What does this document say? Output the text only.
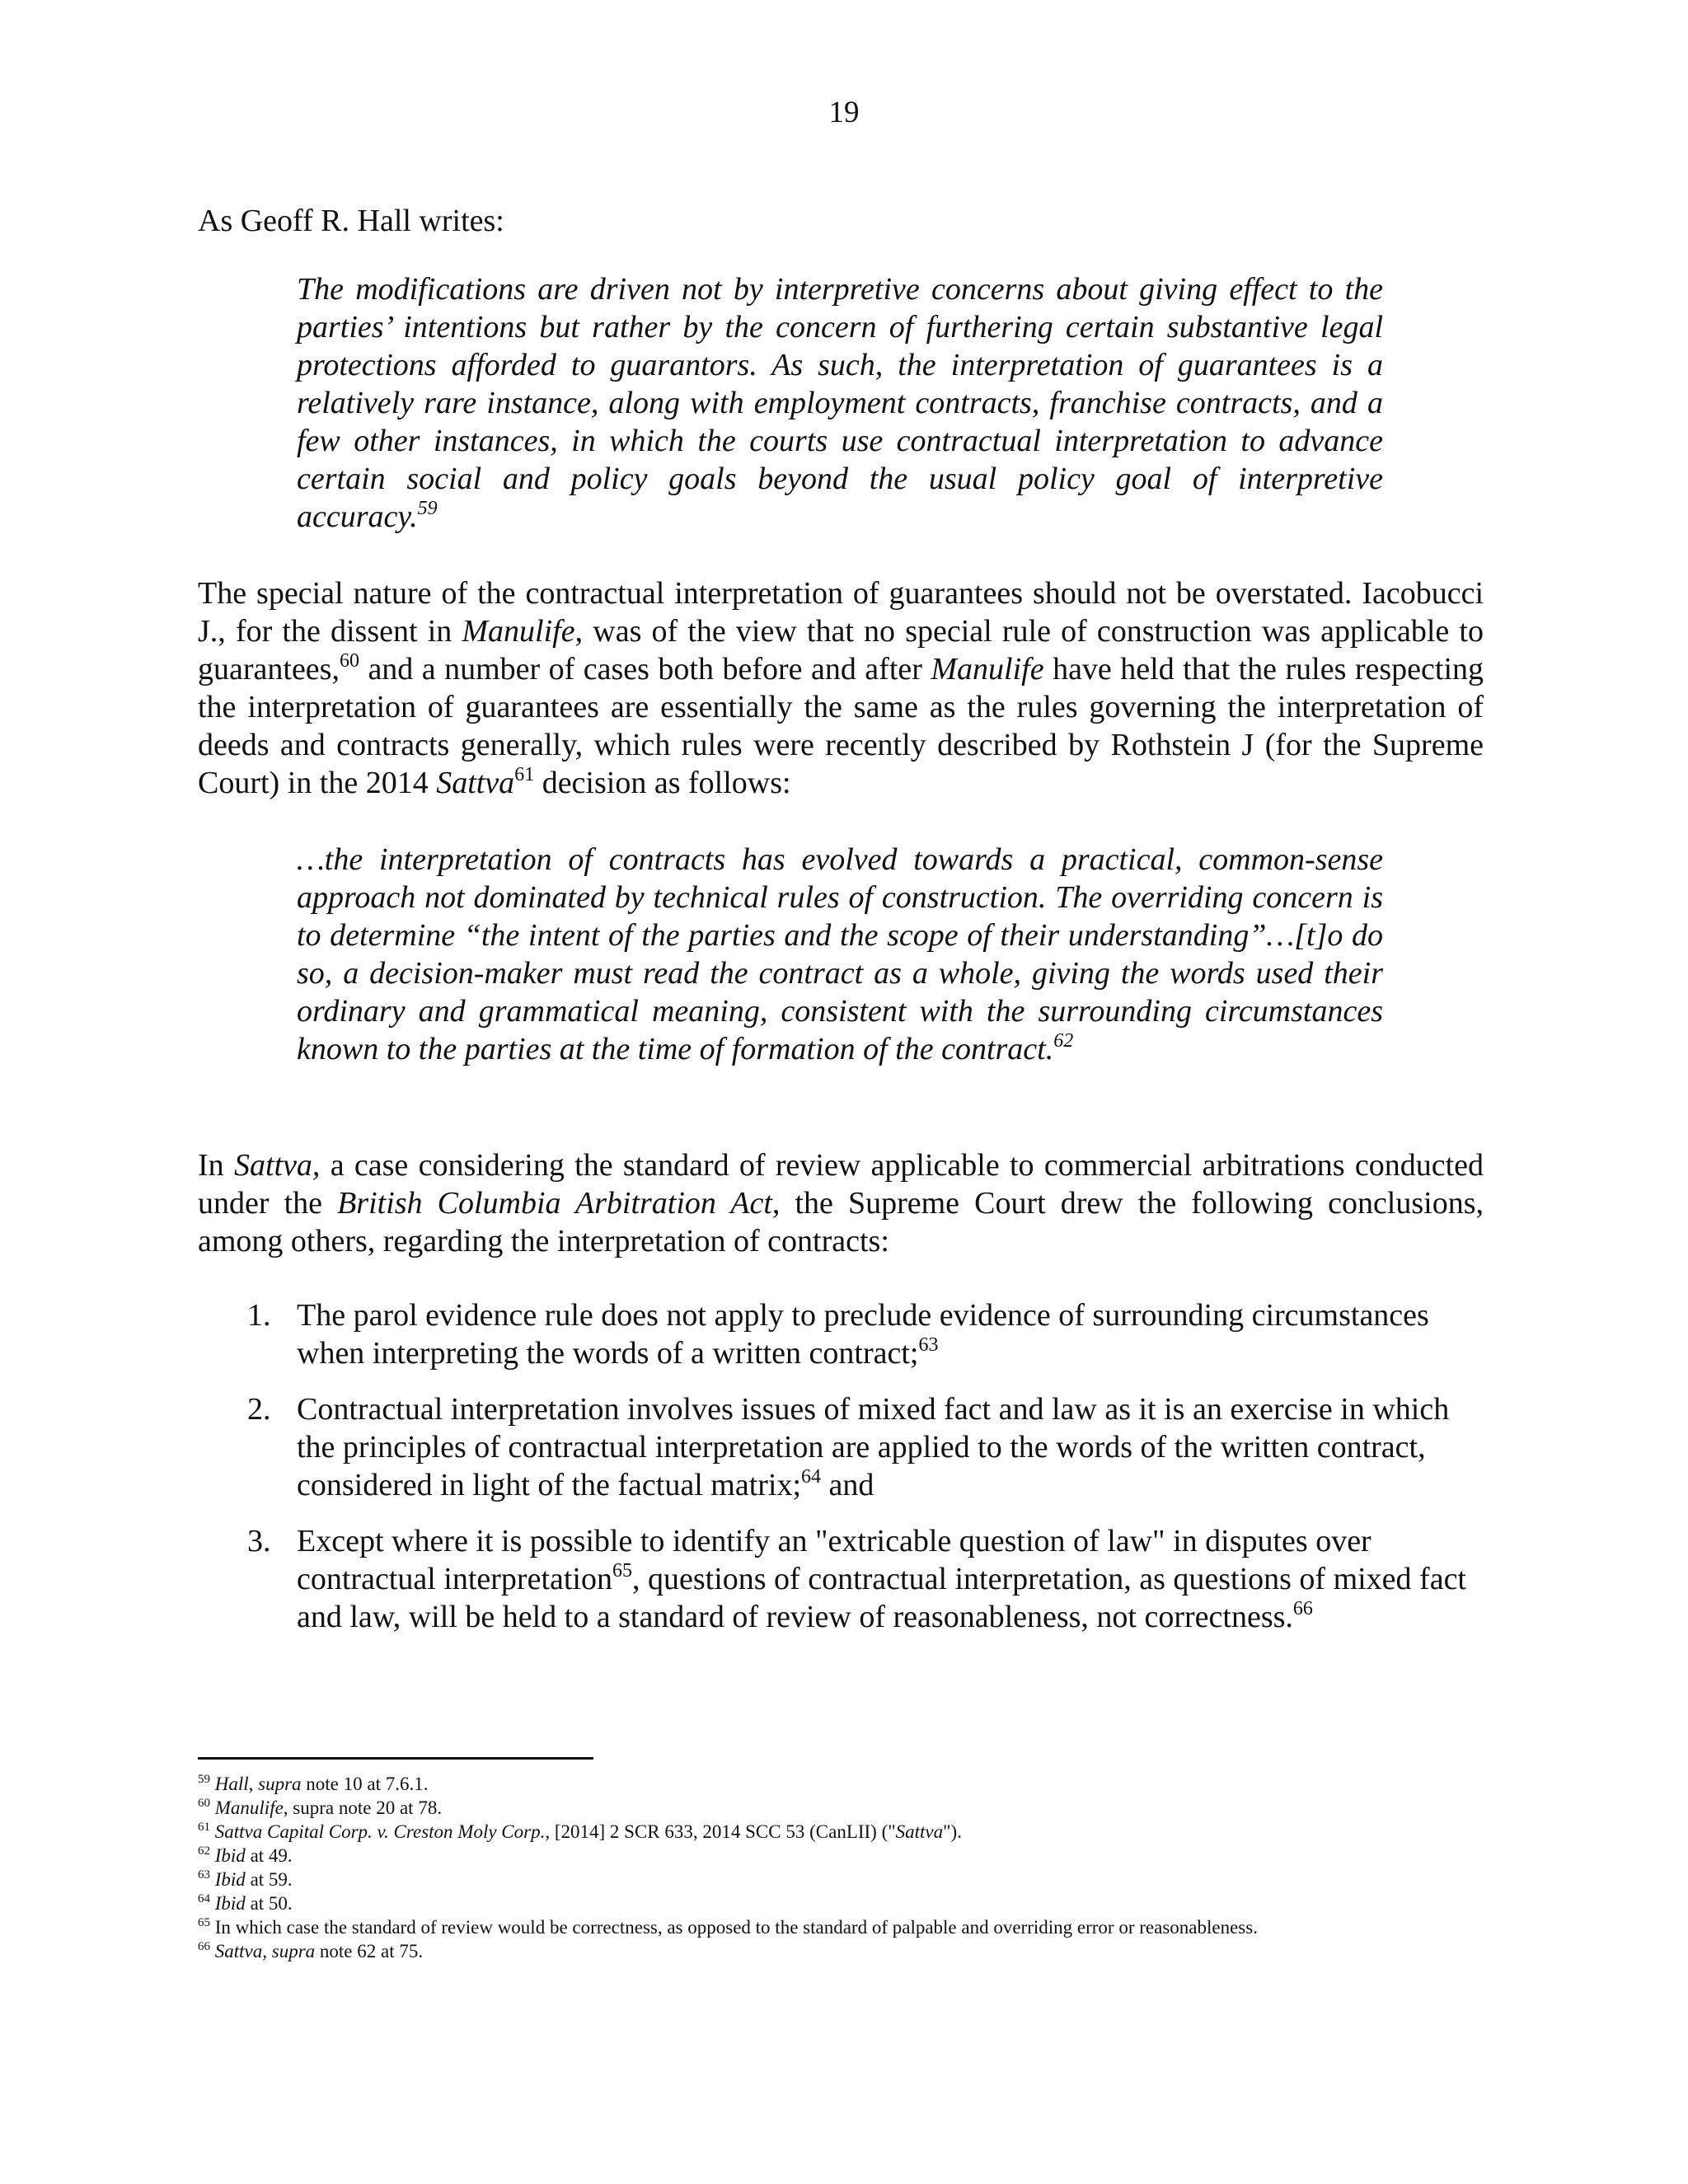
19

As Geoff R. Hall writes:

The modifications are driven not by interpretive concerns about giving effect to the parties’ intentions but rather by the concern of furthering certain substantive legal protections afforded to guarantors. As such, the interpretation of guarantees is a relatively rare instance, along with employment contracts, franchise contracts, and a few other instances, in which the courts use contractual interpretation to advance certain social and policy goals beyond the usual policy goal of interpretive accuracy.$^{59}$

The special nature of the contractual interpretation of guarantees should not be overstated. Iacobucci J., for the dissent in Manulife, was of the view that no special rule of construction was applicable to guarantees,$^{60}$ and a number of cases both before and after Manulife have held that the rules respecting the interpretation of guarantees are essentially the same as the rules governing the interpretation of deeds and contracts generally, which rules were recently described by Rothstein J (for the Supreme Court) in the 2014 Sattva$^{61}$ decision as follows:

…the interpretation of contracts has evolved towards a practical, common-sense approach not dominated by technical rules of construction. The overriding concern is to determine “the intent of the parties and the scope of their understanding”…[t]o do so, a decision-maker must read the contract as a whole, giving the words used their ordinary and grammatical meaning, consistent with the surrounding circumstances known to the parties at the time of formation of the contract.$^{62}$

In Sattva, a case considering the standard of review applicable to commercial arbitrations conducted under the British Columbia Arbitration Act, the Supreme Court drew the following conclusions, among others, regarding the interpretation of contracts:

1. The parol evidence rule does not apply to preclude evidence of surrounding circumstances when interpreting the words of a written contract;$^{63}$
2. Contractual interpretation involves issues of mixed fact and law as it is an exercise in which the principles of contractual interpretation are applied to the words of the written contract, considered in light of the factual matrix;$^{64}$ and
3. Except where it is possible to identify an "extricable question of law" in disputes over contractual interpretation$^{65}$, questions of contractual interpretation, as questions of mixed fact and law, will be held to a standard of review of reasonableness, not correctness.$^{66}$
$^{59}$ Hall, supra note 10 at 7.6.1.
$^{60}$ Manulife, supra note 20 at 78.
$^{61}$ Sattva Capital Corp. v. Creston Moly Corp., [2014] 2 SCR 633, 2014 SCC 53 (CanLII) ("Sattva").
$^{62}$ Ibid at 49.
$^{63}$ Ibid at 59.
$^{64}$ Ibid at 50.
$^{65}$ In which case the standard of review would be correctness, as opposed to the standard of palpable and overriding error or reasonableness.
$^{66}$ Sattva, supra note 62 at 75.
